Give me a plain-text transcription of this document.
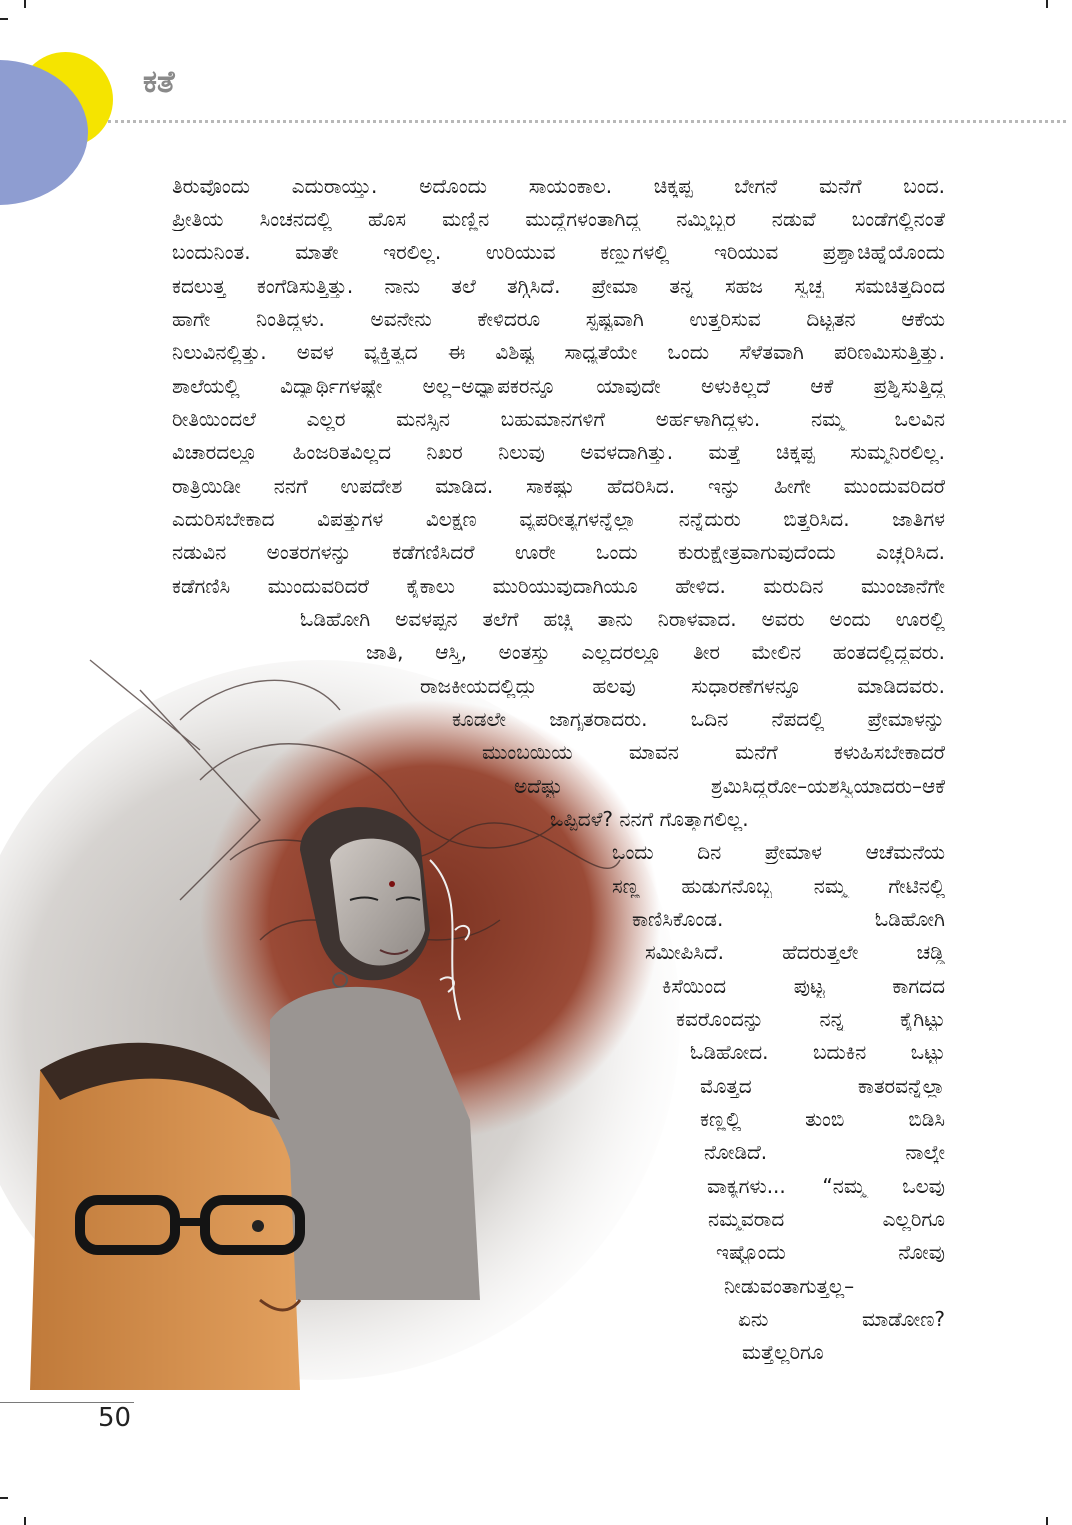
ಕತೆ
ತಿರುವೊಂದು ಎದುರಾಯ್ತು. ಅದೊಂದು ಸಾಯಂಕಾಲ. ಚಿಕ್ಕಪ್ಪ ಬೇಗನೆ ಮನೆಗೆ ಬಂದ.
ಪ್ರೀತಿಯ ಸಿಂಚನದಲ್ಲಿ ಹೊಸ ಮಣ್ಣಿನ ಮುದ್ದೆಗಳಂತಾಗಿದ್ದ ನಮ್ಮಿಬ್ಬರ ನಡುವೆ ಬಂಡೆಗಲ್ಲಿನಂತೆ
ಬಂದುನಿಂತ. ಮಾತೇ ಇರಲಿಲ್ಲ. ಉರಿಯುವ ಕಣ್ಣುಗಳಲ್ಲಿ ಇರಿಯುವ ಪ್ರಶ್ನಾಚಿಹ್ನೆಯೊಂದು
ಕದಲುತ್ತ ಕಂಗೆಡಿಸುತ್ತಿತ್ತು. ನಾನು ತಲೆ ತಗ್ಗಿಸಿದೆ. ಪ್ರೇಮಾ ತನ್ನ ಸಹಜ ಸ್ವಚ್ಛ ಸಮಚಿತ್ತದಿಂದ
ಹಾಗೇ ನಿಂತಿದ್ದಳು. ಅವನೇನು ಕೇಳಿದರೂ ಸ್ಪಷ್ಟವಾಗಿ ಉತ್ತರಿಸುವ ದಿಟ್ಟತನ ಆಕೆಯ
ನಿಲುವಿನಲ್ಲಿತ್ತು. ಅವಳ ವ್ಯಕ್ತಿತ್ವದ ಈ ವಿಶಿಷ್ಟ ಸಾಧ್ಯತೆಯೇ ಒಂದು ಸೆಳೆತವಾಗಿ ಪರಿಣಮಿಸುತ್ತಿತ್ತು.
ಶಾಲೆಯಲ್ಲಿ ವಿದ್ಯಾರ್ಥಿಗಳಷ್ಟೇ ಅಲ್ಲ–ಅಧ್ಯಾಪಕರನ್ನೂ ಯಾವುದೇ ಅಳುಕಿಲ್ಲದೆ ಆಕೆ ಪ್ರಶ್ನಿಸುತ್ತಿದ್ದ
ರೀತಿಯಿಂದಲೆ ಎಲ್ಲರ ಮನಸ್ಸಿನ ಬಹುಮಾನಗಳಿಗೆ ಅರ್ಹಳಾಗಿದ್ದಳು. ನಮ್ಮ ಒಲವಿನ
ವಿಚಾರದಲ್ಲೂ ಹಿಂಜರಿತವಿಲ್ಲದ ನಿಖರ ನಿಲುವು ಅವಳದಾಗಿತ್ತು. ಮತ್ತೆ ಚಿಕ್ಕಪ್ಪ ಸುಮ್ಮನಿರಲಿಲ್ಲ.
ರಾತ್ರಿಯಿಡೀ ನನಗೆ ಉಪದೇಶ ಮಾಡಿದ. ಸಾಕಷ್ಟು ಹೆದರಿಸಿದ. ಇನ್ನು ಹೀಗೇ ಮುಂದುವರಿದರೆ
ಎದುರಿಸಬೇಕಾದ ವಿಪತ್ತುಗಳ ವಿಲಕ್ಷಣ ವ್ಯಪರೀತ್ಯಗಳನ್ನೆಲ್ಲಾ ನನ್ನೆದುರು ಬಿತ್ತರಿಸಿದ. ಜಾತಿಗಳ
ನಡುವಿನ ಅಂತರಗಳನ್ನು ಕಡೆಗಣಿಸಿದರೆ ಊರೇ ಒಂದು ಕುರುಕ್ಷೇತ್ರವಾಗುವುದೆಂದು ಎಚ್ಚರಿಸಿದ.
ಕಡೆಗಣಿಸಿ ಮುಂದುವರಿದರೆ ಕೈಕಾಲು ಮುರಿಯುವುದಾಗಿಯೂ ಹೇಳಿದ. ಮರುದಿನ ಮುಂಜಾನೆಗೇ
ಓಡಿಹೋಗಿ ಅವಳಪ್ಪನ ತಲೆಗೆ ಹಚ್ಚಿ ತಾನು ನಿರಾಳವಾದ. ಅವರು ಅಂದು ಊರಲ್ಲಿ
ಜಾತಿ, ಆಸ್ತಿ, ಅಂತಸ್ತು ಎಲ್ಲದರಲ್ಲೂ ತೀರ ಮೇಲಿನ ಹಂತದಲ್ಲಿದ್ದವರು.
ರಾಜಕೀಯದಲ್ಲಿದ್ದು ಹಲವು ಸುಧಾರಣೆಗಳನ್ನೂ ಮಾಡಿದವರು.
ಕೂಡಲೇ ಜಾಗೃತರಾದರು. ಒದಿನ ನೆಪದಲ್ಲಿ ಪ್ರೇಮಾಳನ್ನು
ಮುಂಬಯಿಯ ಮಾವನ ಮನೆಗೆ ಕಳುಹಿಸಬೇಕಾದರೆ
ಅದೆಷ್ಟು ಶ್ರಮಿಸಿದ್ದರೋ–ಯಶಸ್ವಿಯಾದರು–ಆಕೆ
ಒಪ್ಪಿದಳೆ? ನನಗೆ ಗೊತ್ತಾಗಲಿಲ್ಲ.
ಒಂದು ದಿನ ಪ್ರೇಮಾಳ ಆಚೆಮನೆಯ
ಸಣ್ಣ ಹುಡುಗನೊಬ್ಬ ನಮ್ಮ ಗೇಟಿನಲ್ಲಿ
ಕಾಣಿಸಿಕೊಂಡ. ಓಡಿಹೋಗಿ
ಸಮೀಪಿಸಿದೆ. ಹೆದರುತ್ತಲೇ ಚಡ್ಡಿ
ಕಿಸೆಯಿಂದ ಪುಟ್ಟ ಕಾಗದದ
ಕವರೊಂದನ್ನು ನನ್ನ ಕೈಗಿಟ್ಟು
ಓಡಿಹೋದ. ಬದುಕಿನ ಒಟ್ಟು
ಮೊತ್ತದ ಕಾತರವನ್ನೆಲ್ಲಾ
ಕಣ್ಣಲ್ಲಿ ತುಂಬಿ ಬಿಡಿಸಿ
ನೋಡಿದೆ. ನಾಲ್ಕೇ
ವಾಕ್ಯಗಳು... “ನಮ್ಮ ಒಲವು
ನಮ್ಮವರಾದ ಎಲ್ಲರಿಗೂ
ಇಷ್ಟೊಂದು ನೋವು
ನೀಡುವಂತಾಗುತ್ತಲ್ಲ–
ಏನು ಮಾಡೋಣ?
ಮತ್ತೆಲ್ಲರಿಗೂ
50
